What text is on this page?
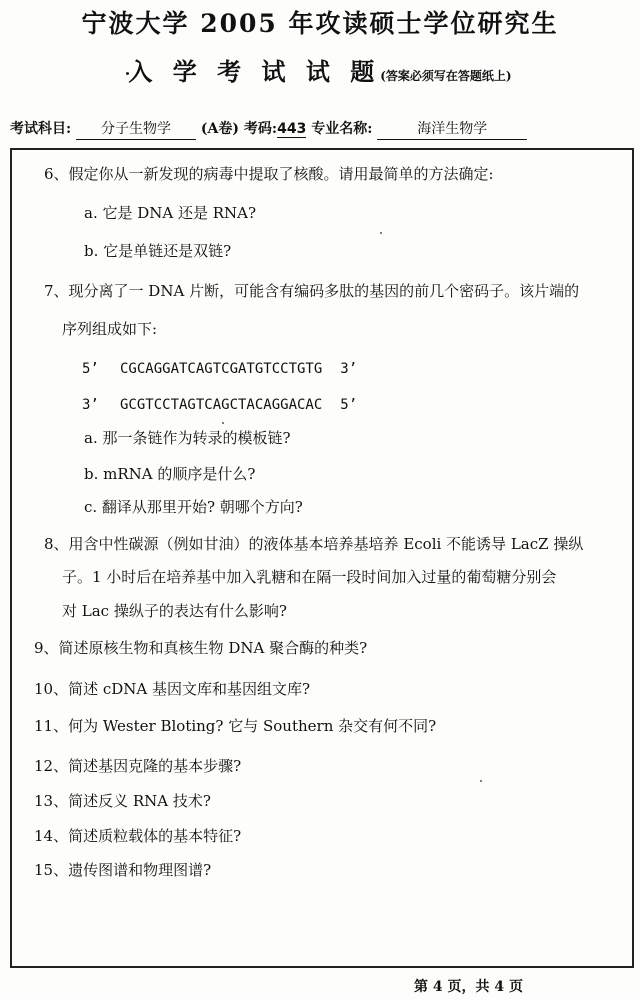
宁波大学 2005 年攻读硕士学位研究生
入 学 考 试 试 题(答案必须写在答题纸上)
考试科目: 分子生物学 (A卷) 考码:443 专业名称:	海洋生物学
6、假定你从一新发现的病毒中提取了核酸。请用最简单的方法确定:
a. 它是 DNA 还是 RNA?
b. 它是单链还是双链?
7、现分离了一 DNA 片断，可能含有编码多肽的基因的前几个密码子。该片端的
序列组成如下:
5’ CGCAGGATCAGTCGATGTCCTGTG 3’
3’ GCGTCCTAGTCAGCTACAGGACAC 5’
a. 那一条链作为转录的模板链?
b. mRNA 的顺序是什么?
c. 翻译从那里开始? 朝哪个方向?
8、用含中性碳源（例如甘油）的液体基本培养基培养 Ecoli 不能诱导 LacZ 操纵
子。1 小时后在培养基中加入乳糖和在隔一段时间加入过量的葡萄糖分别会
对 Lac 操纵子的表达有什么影响?
9、简述原核生物和真核生物 DNA 聚合酶的种类?
10、简述 cDNA 基因文库和基因组文库?
11、何为 Wester Bloting? 它与 Southern 杂交有何不同?
12、简述基因克隆的基本步骤?
13、简述反义 RNA 技术?
14、简述质粒载体的基本特征?
15、遗传图谱和物理图谱?
第 4 页，共 4 页
